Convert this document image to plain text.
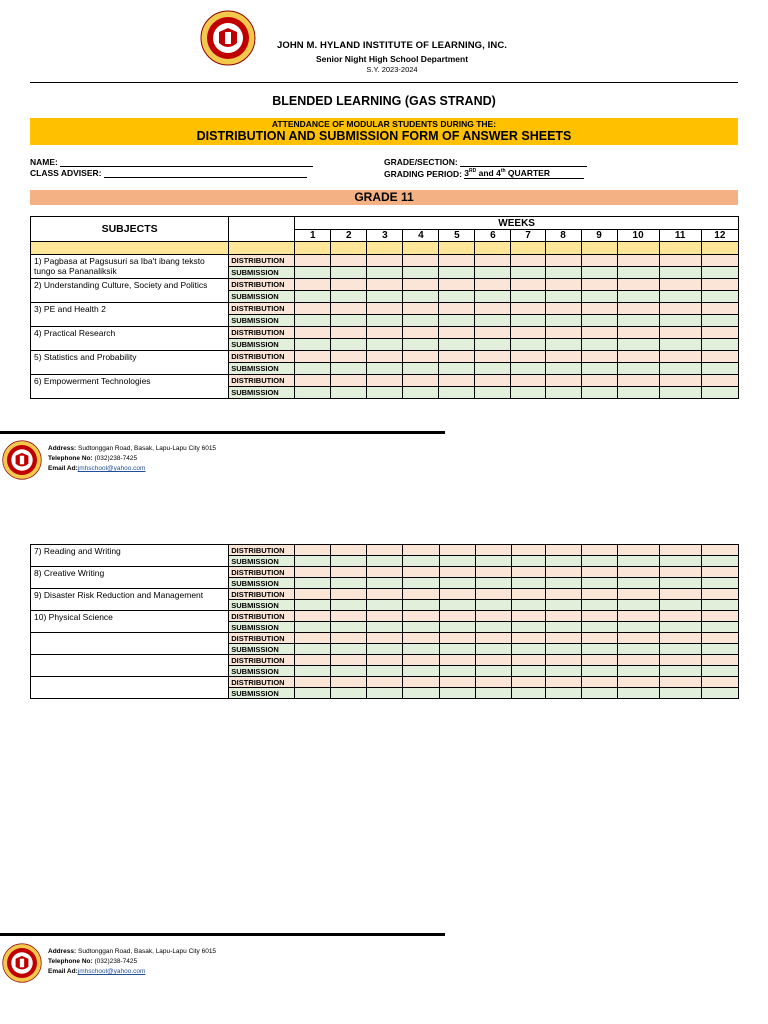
JOHN M. HYLAND INSTITUTE OF LEARNING, INC.
Senior Night High School Department
S.Y. 2023-2024
BLENDED LEARNING (GAS STRAND)
ATTENDANCE OF MODULAR STUDENTS DURING THE:
DISTRIBUTION AND SUBMISSION FORM OF ANSWER SHEETS
NAME:
CLASS ADVISER:
GRADE/SECTION:
GRADING PERIOD: 3RD and 4th QUARTER
GRADE 11
SUBJECTS		WEEKS											
		1	2	3	4	5	6	7	8	9	10	11	12

1) Pagbasa at Pagsusuri sa Iba't ibang teksto tungo sa Pananaliksik	DISTRIBUTION												
	SUBMISSION												
2) Understanding Culture, Society and Politics	DISTRIBUTION												
	SUBMISSION												
3) PE and Health 2	DISTRIBUTION												
	SUBMISSION												
4) Practical Research	DISTRIBUTION												
	SUBMISSION												
5) Statistics and Probability	DISTRIBUTION												
	SUBMISSION												
6) Empowerment Technologies	DISTRIBUTION												
	SUBMISSION												
Address: Sudtonggan Road, Basak, Lapu-Lapu City 6015
Telephone No: (032)238-7425
Email Ad:jmhschool@yahoo.com
7) Reading and Writing	DISTRIBUTION												
	SUBMISSION												
8) Creative Writing	DISTRIBUTION												
	SUBMISSION												
9) Disaster Risk Reduction and Management	DISTRIBUTION												
	SUBMISSION												
10) Physical Science	DISTRIBUTION												
	SUBMISSION												
	DISTRIBUTION												
	SUBMISSION												
	DISTRIBUTION												
	SUBMISSION												
	DISTRIBUTION												
	SUBMISSION												
Address: Sudtonggan Road, Basak, Lapu-Lapu City 6015
Telephone No: (032)238-7425
Email Ad:jmhschool@yahoo.com
